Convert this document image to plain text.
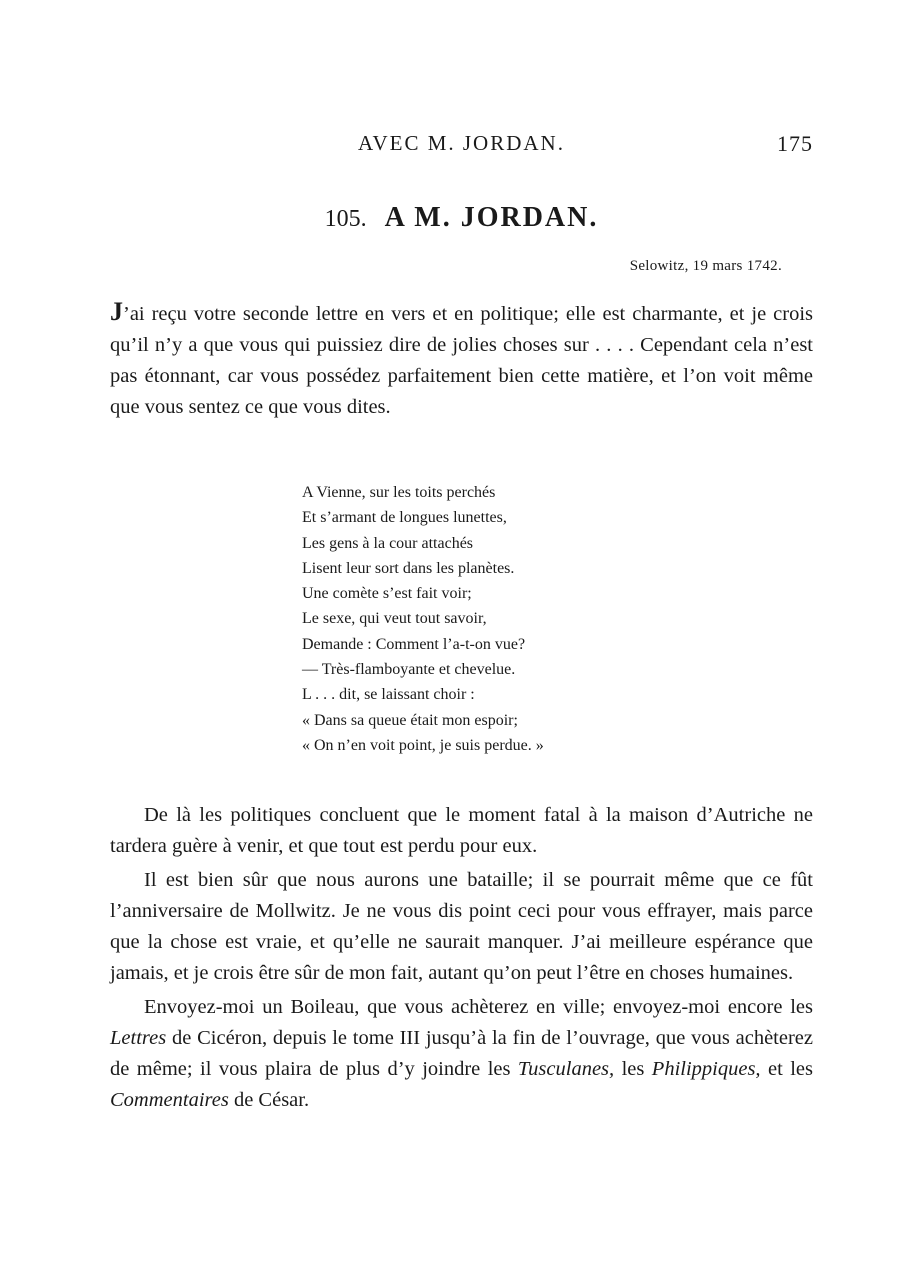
AVEC M. JORDAN.	175
105. A M. JORDAN.
Selowitz, 19 mars 1742.

J’ai reçu votre seconde lettre en vers et en politique; elle est charmante, et je crois qu’il n’y a que vous qui puissiez dire de jolies choses sur . . . . Cependant cela n’est pas étonnant, car vous possédez parfaitement bien cette matière, et l’on voit même que vous sentez ce que vous dites.

A Vienne, sur les toits perchés
Et s’armant de longues lunettes,
Les gens à la cour attachés
Lisent leur sort dans les planètes.
Une comète s’est fait voir;
Le sexe, qui veut tout savoir,
Demande : Comment l’a-t-on vue?
— Très-flamboyante et chevelue.
L . . . dit, se laissant choir :
« Dans sa queue était mon espoir;
« On n’en voit point, je suis perdue. »

De là les politiques concluent que le moment fatal à la maison d’Autriche ne tardera guère à venir, et que tout est perdu pour eux.

Il est bien sûr que nous aurons une bataille; il se pourrait même que ce fût l’anniversaire de Mollwitz. Je ne vous dis point ceci pour vous effrayer, mais parce que la chose est vraie, et qu’elle ne saurait manquer. J’ai meilleure espérance que jamais, et je crois être sûr de mon fait, autant qu’on peut l’être en choses humaines.

Envoyez-moi un Boileau, que vous achèterez en ville; envoyez-moi encore les Lettres de Cicéron, depuis le tome III jusqu’à la fin de l’ouvrage, que vous achèterez de même; il vous plaira de plus d’y joindre les Tusculanes, les Philippiques, et les Commentaires de César.
